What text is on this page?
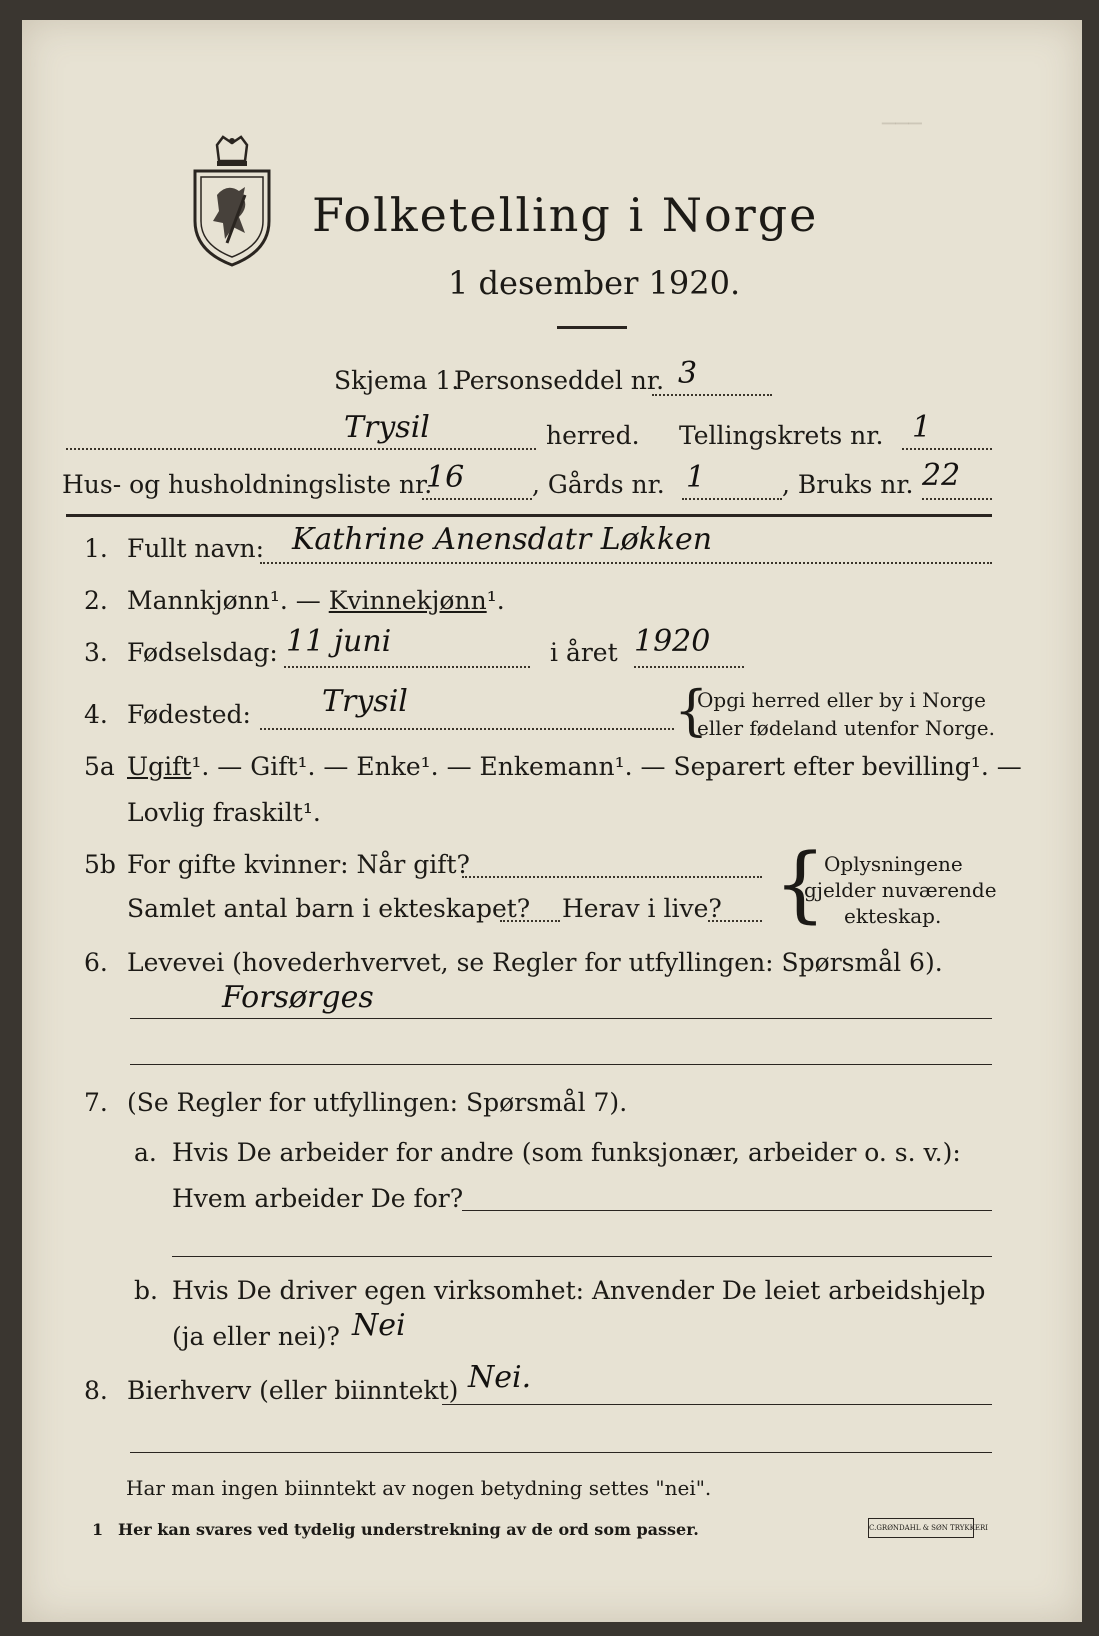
───
Folketelling i Norge
1 desember 1920.
Skjema 1.
Personseddel nr. 3
Trysil	herred. Tellingskrets nr. 1
Hus- og husholdningsliste nr.
16	, Gårds nr. 1	, Bruks nr. 22
1. Fullt navn: Kathrine Anensdatr Løkken
2. Mannkjønn¹. — Kvinnekjønn¹.
3. Fødselsdag: 11 juni	i året 1920
4. Fødested: Trysil	{
Opgi herred eller by i Norge
eller fødeland utenfor Norge.
5a Ugift¹. — Gift¹. — Enke¹. — Enkemann¹. — Separert efter bevilling¹. —
Lovlig fraskilt¹.
5b For gifte kvinner: Når gift?
Samlet antal barn i ekteskapet? Herav i live? {
Oplysningene
gjelder nuværende
ekteskap.
6. Levevei (hovederhvervet, se Regler for utfyllingen: Spørsmål 6).
Forsørges
7. (Se Regler for utfyllingen: Spørsmål 7).
a. Hvis De arbeider for andre (som funksjonær, arbeider o. s. v.):
Hvem arbeider De for?
b. Hvis De driver egen virksomhet: Anvender De leiet arbeidshjelp
(ja eller nei)? Nei
8. Bierhverv (eller biinntekt) Nei.
Har man ingen biinntekt av nogen betydning settes "nei".
1 Her kan svares ved tydelig understrekning av de ord som passer.	C.GRØNDAHL & SØN TRYKKERI
